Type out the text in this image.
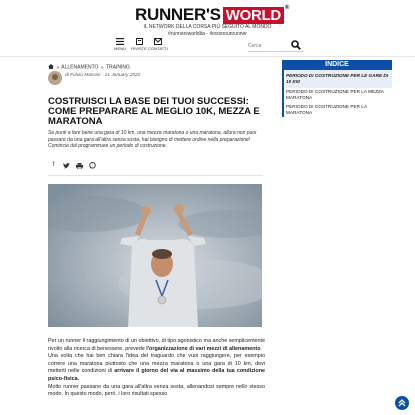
RUNNER'S WORLD ®
IL NETWORK DELLA CORSA PIÙ SEGUITO AL MONDO
#runnersworldita - #iosonounrunner
MENU	RIVISTE CONTATTI
Cerca
» ALLENAMENTO » TRAINING
di Fulvio Massini - 21 January 2022
COSTRUISCI LA BASE DEI TUOI SUCCESSI: COME PREPARARE AL MEGLIO 10K, MEZZA E MARATONA

Se punti a fare bene una gara di 10 km, una mezza maratona o una maratona, allora non puoi passare da una gara all'altra senza sosta, hai bisogno di mettere ordine nella preparazione! Comincia dal programmare un periodo di costruzione.

f

Per un runner il raggiungimento di un obiettivo, di tipo agonistico ma anche semplicemente rivolto alla ricerca di benessere, prevede l'organizzazione di vari mezzi di allenamento.

Una volta che hai ben chiara l'idea del traguardo che vuoi raggiungere, per esempio correre una maratona piuttosto che una mezza maratona o una gara di 10 km, devi metterti nelle condizioni di arrivare il giorno del via al massimo della tua condizione psico-fisica.

Molto runner passano da una gara all'altra senza sosta, allenandosi sempre nello stesso modo. In questo modo, però, i loro risultati spesso

INDICE
PERIODO DI COSTRUZIONE PER LE GARE DI 10 KM
PERIODO DI COSTRUZIONE PER LA MEZZA MARATONA
PERIODO DI COSTRUZIONE PER LA MARATONA
